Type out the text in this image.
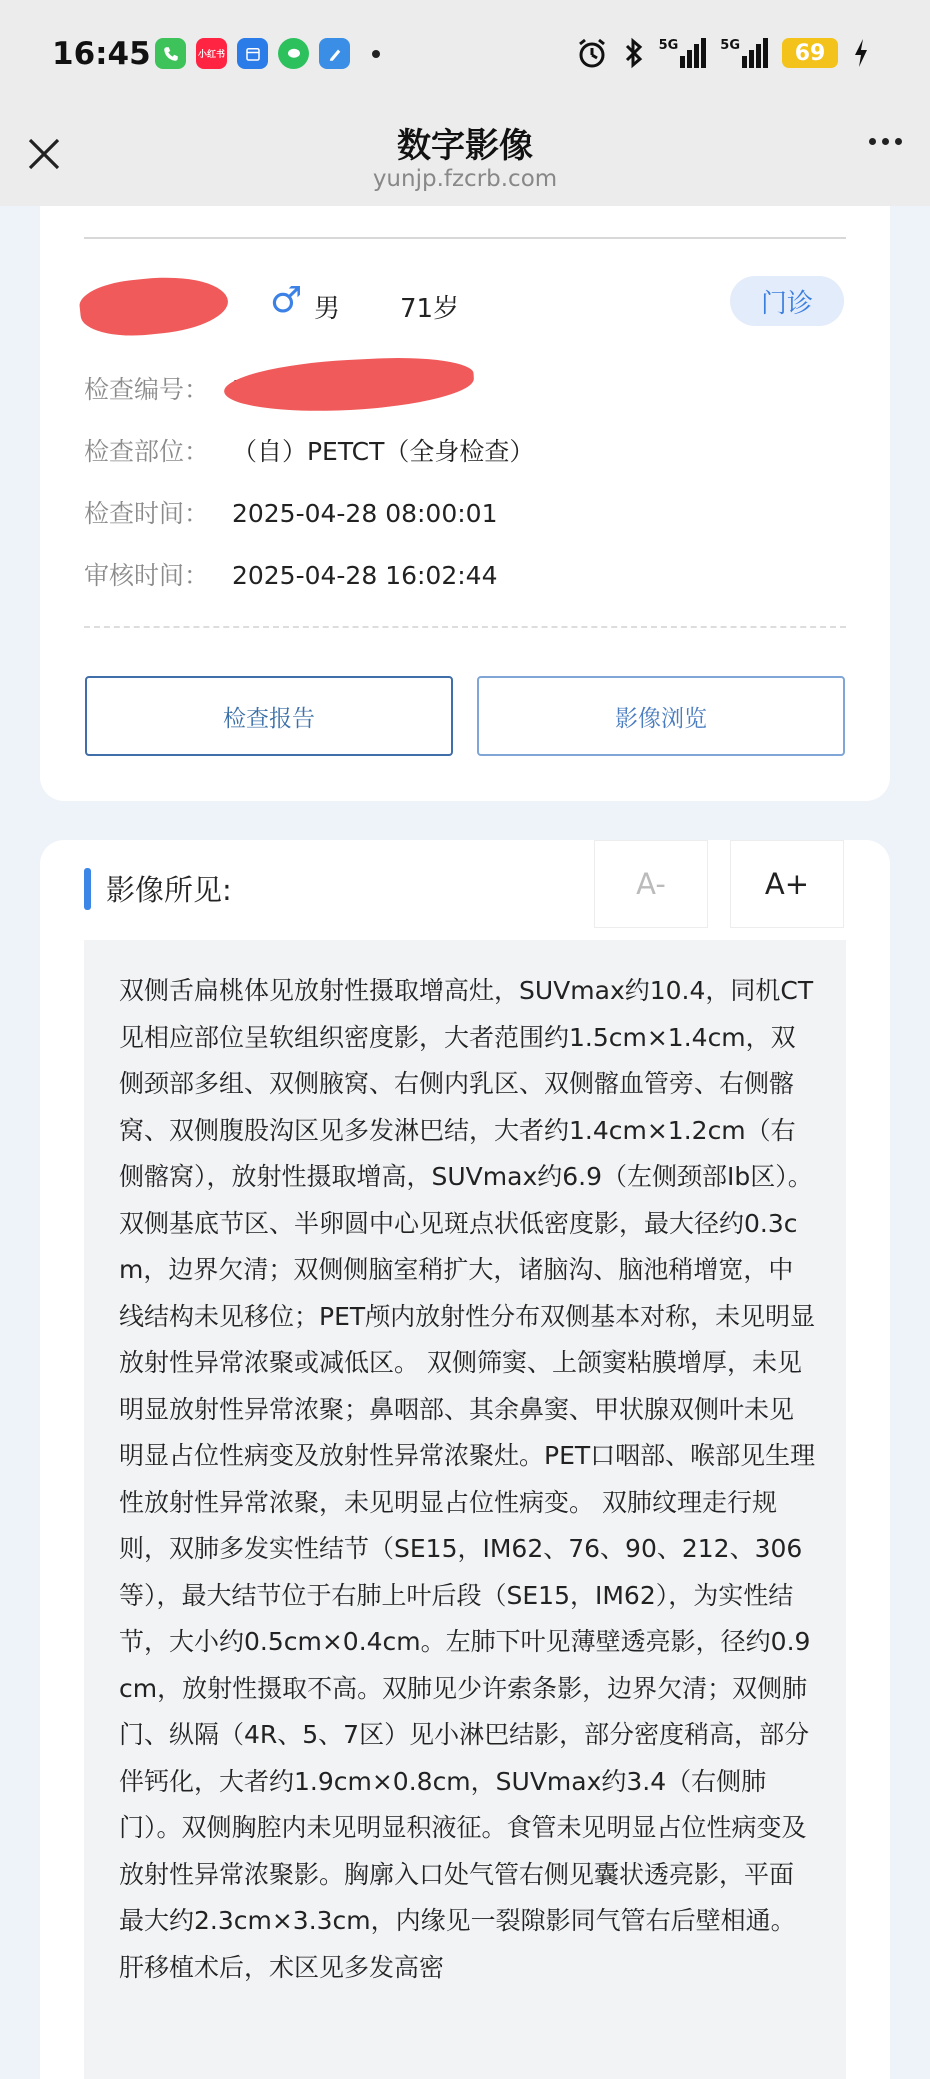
16:45	小红书
5G	5G	69
数字影像
yunjp.fzcrb.com
♂ 男 71岁	门诊
检查编号：
检查部位： （自）PETCT（全身检查）
检查时间： 2025-04-28 08:00:01
审核时间： 2025-04-28 16:02:44
检查报告	影像浏览
影像所见:	A-	A+
双侧舌扁桃体见放射性摄取增高灶，SUVmax约10.4，同机CT见相应部位呈软组织密度影，大者范围约1.5cm×1.4cm，双侧颈部多组、双侧腋窝、右侧内乳区、双侧髂血管旁、右侧髂窝、双侧腹股沟区见多发淋巴结，大者约1.4cm×1.2cm（右侧髂窝），放射性摄取增高，SUVmax约6.9（左侧颈部Ib区）。 双侧基底节区、半卵圆中心见斑点状低密度影，最大径约0.3cm，边界欠清；双侧侧脑室稍扩大，诸脑沟、脑池稍增宽，中线结构未见移位；PET颅内放射性分布双侧基本对称，未见明显放射性异常浓聚或减低区。 双侧筛窦、上颌窦粘膜增厚，未见明显放射性异常浓聚；鼻咽部、其余鼻窦、甲状腺双侧叶未见明显占位性病变及放射性异常浓聚灶。PET口咽部、喉部见生理性放射性异常浓聚，未见明显占位性病变。 双肺纹理走行规则，双肺多发实性结节（SE15，IM62、76、90、212、306等），最大结节位于右肺上叶后段（SE15，IM62），为实性结节，大小约0.5cm×0.4cm。左肺下叶见薄壁透亮影，径约0.9cm，放射性摄取不高。双肺见少许索条影，边界欠清；双侧肺门、纵隔（4R、5、7区）见小淋巴结影，部分密度稍高，部分伴钙化，大者约1.9cm×0.8cm，SUVmax约3.4（右侧肺门）。双侧胸腔内未见明显积液征。食管未见明显占位性病变及放射性异常浓聚影。胸廓入口处气管右侧见囊状透亮影，平面最大约2.3cm×3.3cm，内缘见一裂隙影同气管右后壁相通。 肝移植术后，术区见多发高密
